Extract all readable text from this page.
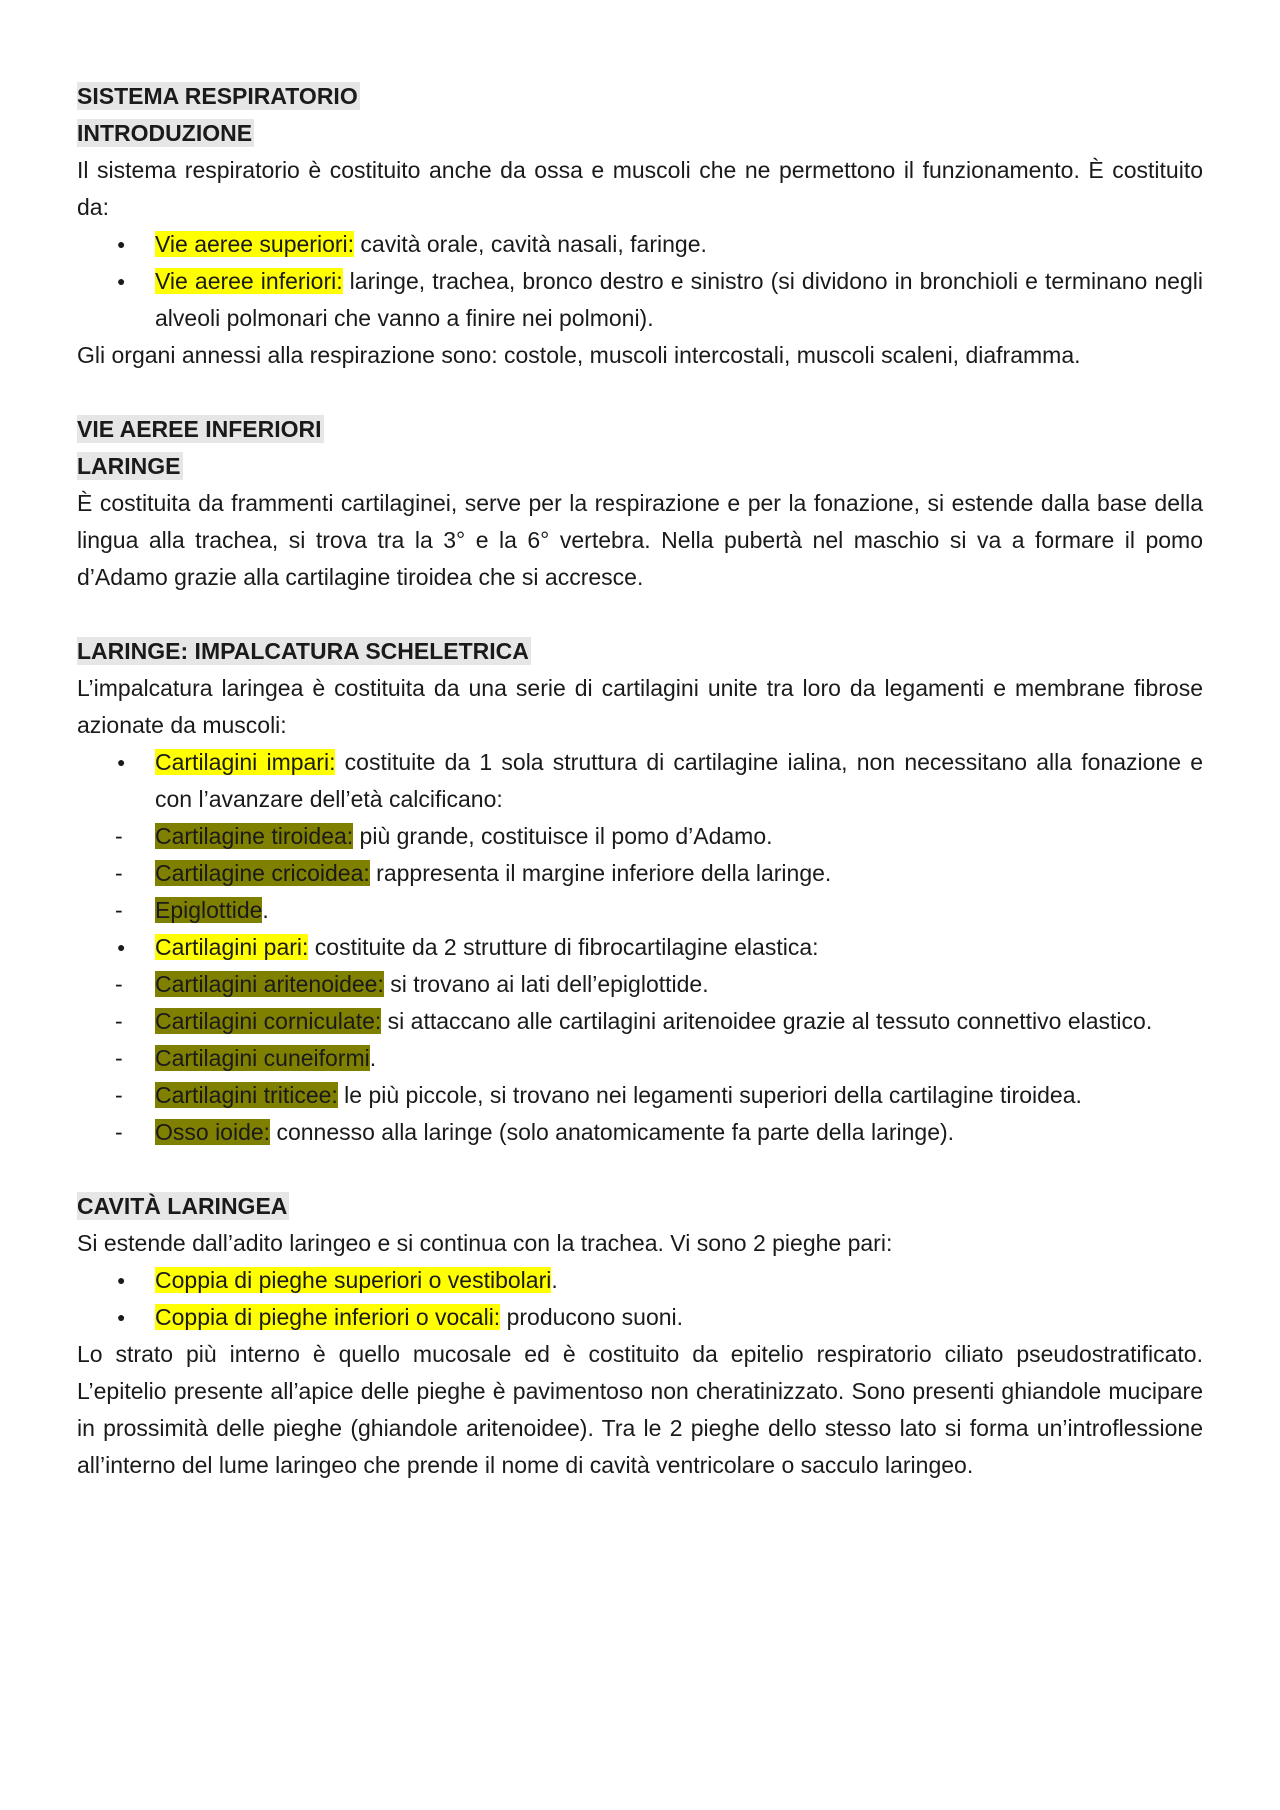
SISTEMA RESPIRATORIO
INTRODUZIONE

Il sistema respiratorio è costituito anche da ossa e muscoli che ne permettono il funzionamento. È costituito da:

● Vie aeree superiori: cavità orale, cavità nasali, faringe.
● Vie aeree inferiori: laringe, trachea, bronco destro e sinistro (si dividono in bronchioli e terminano negli alveoli polmonari che vanno a finire nei polmoni).

Gli organi annessi alla respirazione sono: costole, muscoli intercostali, muscoli scaleni, diaframma.

VIE AEREE INFERIORI
LARINGE

È costituita da frammenti cartilaginei, serve per la respirazione e per la fonazione, si estende dalla base della lingua alla trachea, si trova tra la 3° e la 6° vertebra. Nella pubertà nel maschio si va a formare il pomo d’Adamo grazie alla cartilagine tiroidea che si accresce.

LARINGE: IMPALCATURA SCHELETRICA

L’impalcatura laringea è costituita da una serie di cartilagini unite tra loro da legamenti e membrane fibrose azionate da muscoli:

● Cartilagini impari: costituite da 1 sola struttura di cartilagine ialina, non necessitano alla fonazione e con l’avanzare dell’età calcificano:
- Cartilagine tiroidea: più grande, costituisce il pomo d’Adamo.
- Cartilagine cricoidea: rappresenta il margine inferiore della laringe.
- Epiglottide.
● Cartilagini pari: costituite da 2 strutture di fibrocartilagine elastica:
- Cartilagini aritenoidee: si trovano ai lati dell’epiglottide.
- Cartilagini corniculate: si attaccano alle cartilagini aritenoidee grazie al tessuto connettivo elastico.
- Cartilagini cuneiformi.
- Cartilagini triticee: le più piccole, si trovano nei legamenti superiori della cartilagine tiroidea.
- Osso ioide: connesso alla laringe (solo anatomicamente fa parte della laringe).
CAVITÀ LARINGEA

Si estende dall’adito laringeo e si continua con la trachea. Vi sono 2 pieghe pari:

● Coppia di pieghe superiori o vestibolari.
● Coppia di pieghe inferiori o vocali: producono suoni.

Lo strato più interno è quello mucosale ed è costituito da epitelio respiratorio ciliato pseudostratificato. L’epitelio presente all’apice delle pieghe è pavimentoso non cheratinizzato. Sono presenti ghiandole mucipare in prossimità delle pieghe (ghiandole aritenoidee). Tra le 2 pieghe dello stesso lato si forma un’introflessione all’interno del lume laringeo che prende il nome di cavità ventricolare o sacculo laringeo.
